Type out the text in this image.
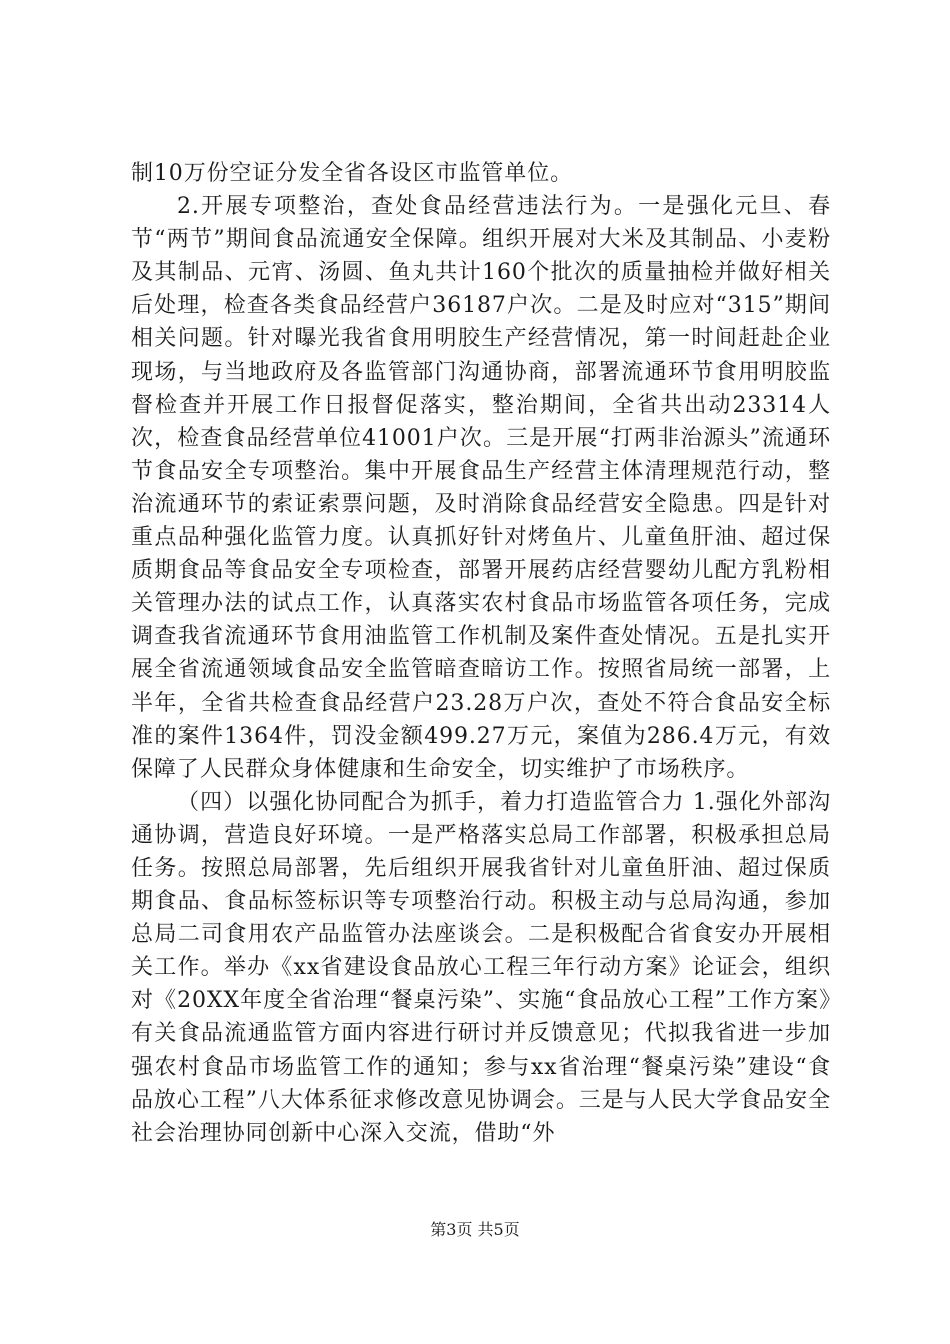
制10万份空证分发全省各设区市监管单位。

2.开展专项整治，查处食品经营违法行为。一是强化元旦、春节“两节”期间食品流通安全保障。组织开展对大米及其制品、小麦粉及其制品、元宵、汤圆、鱼丸共计160个批次的质量抽检并做好相关后处理，检查各类食品经营户36187户次。二是及时应对“315”期间相关问题。针对曝光我省食用明胶生产经营情况，第一时间赶赴企业现场，与当地政府及各监管部门沟通协商，部署流通环节食用明胶监督检查并开展工作日报督促落实，整治期间，全省共出动23314人次，检查食品经营单位41001户次。三是开展“打两非治源头”流通环节食品安全专项整治。集中开展食品生产经营主体清理规范行动，整治流通环节的索证索票问题，及时消除食品经营安全隐患。四是针对重点品种强化监管力度。认真抓好针对烤鱼片、儿童鱼肝油、超过保质期食品等食品安全专项检查，部署开展药店经营婴幼儿配方乳粉相关管理办法的试点工作，认真落实农村食品市场监管各项任务，完成调查我省流通环节食用油监管工作机制及案件查处情况。五是扎实开展全省流通领域食品安全监管暗查暗访工作。按照省局统一部署，上半年，全省共检查食品经营户23.28万户次，查处不符合食品安全标准的案件1364件，罚没金额499.27万元，案值为286.4万元，有效保障了人民群众身体健康和生命安全，切实维护了市场秩序。

（四）以强化协同配合为抓手，着力打造监管合力 1.强化外部沟通协调，营造良好环境。一是严格落实总局工作部署，积极承担总局任务。按照总局部署，先后组织开展我省针对儿童鱼肝油、超过保质期食品、食品标签标识等专项整治行动。积极主动与总局沟通，参加总局二司食用农产品监管办法座谈会。二是积极配合省食安办开展相关工作。举办《xx省建设食品放心工程三年行动方案》论证会，组织对《20XX年度全省治理“餐桌污染”、实施“食品放心工程”工作方案》有关食品流通监管方面内容进行研讨并反馈意见；代拟我省进一步加强农村食品市场监管工作的通知；参与xx省治理“餐桌污染”建设“食品放心工程”八大体系征求修改意见协调会。三是与人民大学食品安全社会治理协同创新中心深入交流，借助“外

第3页 共5页
